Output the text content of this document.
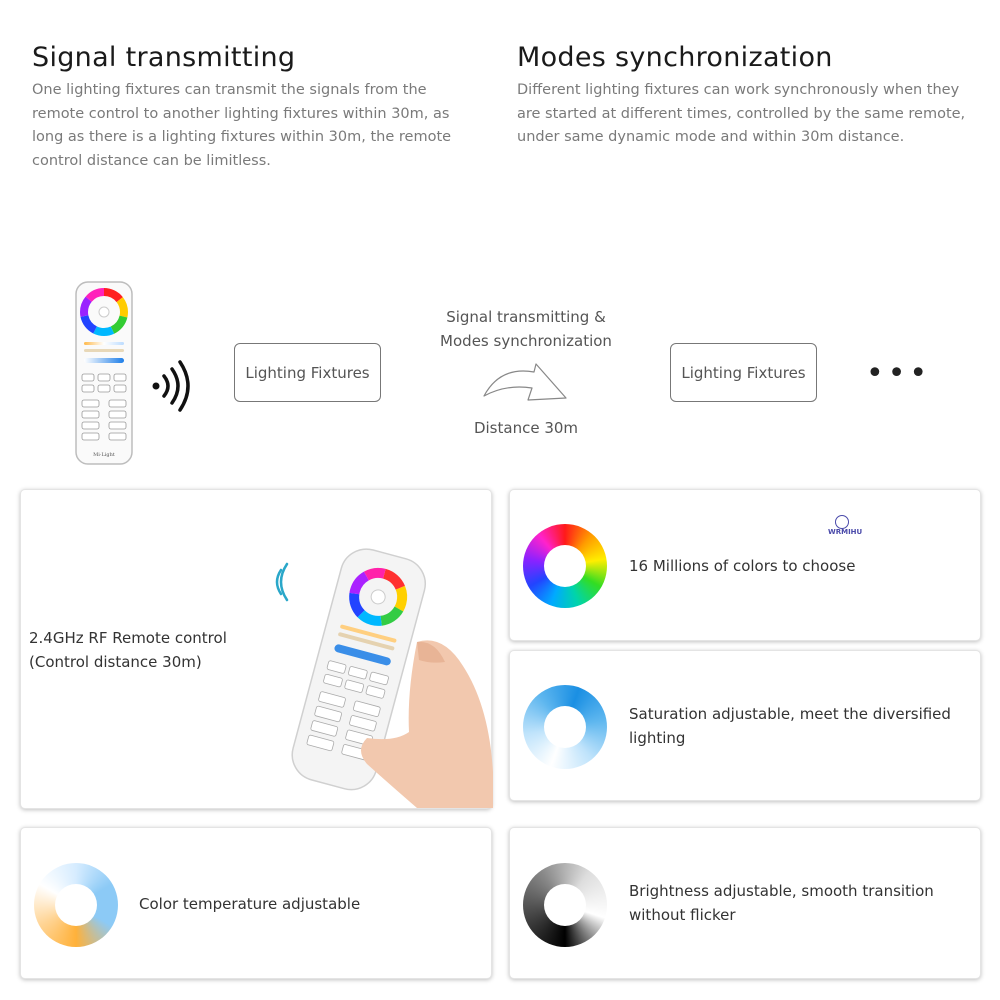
Signal transmitting
One lighting fixtures can transmit the signals from the remote control to another lighting fixtures within 30m, as long as there is a lighting fixtures within 30m, the remote control distance can be limitless.
Modes synchronization
Different lighting fixtures can work synchronously when they are started at different times, controlled by the same remote, under same dynamic mode and within 30m distance.
Mi·Light
Lighting Fixtures
Signal transmitting &
Modes synchronization
Distance 30m
Lighting Fixtures	•••
2.4GHz RF Remote control
(Control distance 30m)
16 Millions of colors to choose
WRMIHU
Saturation adjustable, meet the diversified
lighting
Color temperature adjustable
Brightness adjustable, smooth transition
without flicker
